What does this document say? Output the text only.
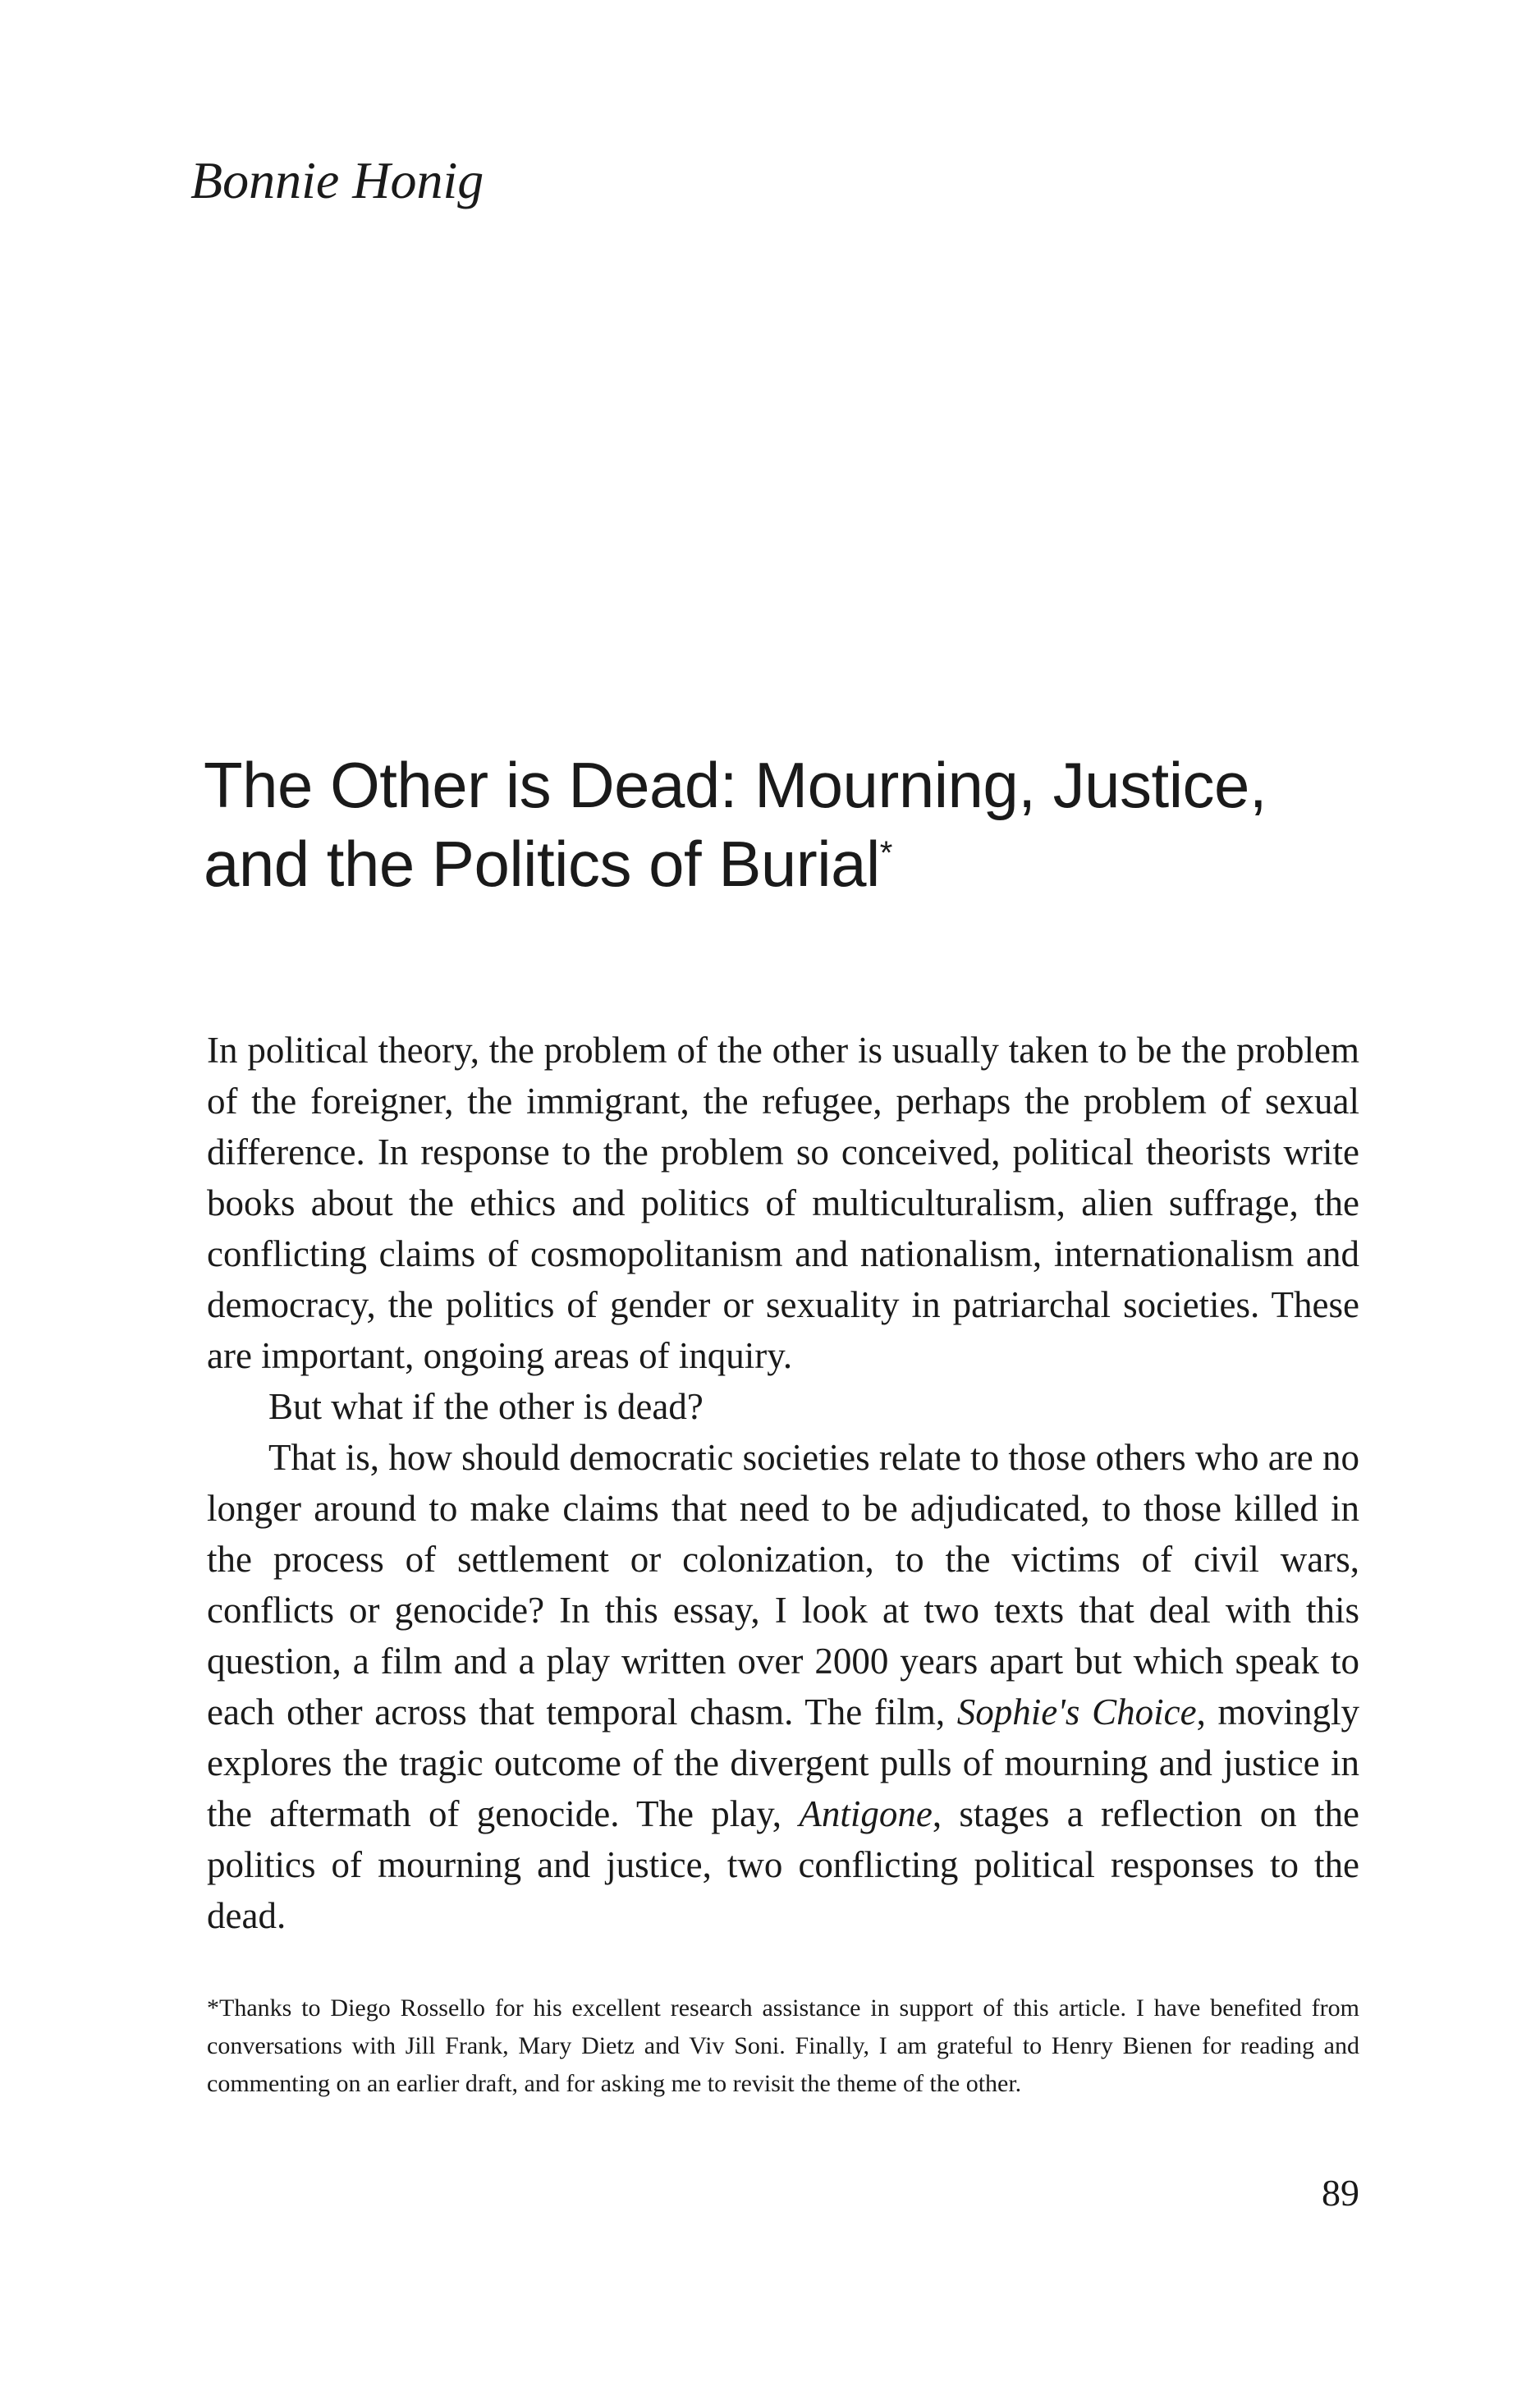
Bonnie Honig
The Other is Dead: Mourning, Justice, and the Politics of Burial*

In political theory, the problem of the other is usually taken to be the problem of the foreigner, the immigrant, the refugee, perhaps the problem of sexual difference. In response to the problem so conceived, political theorists write books about the ethics and politics of multiculturalism, alien suffrage, the conflicting claims of cosmopolitanism and nationalism, internationalism and democracy, the politics of gender or sexuality in patriarchal societies. These are important, ongoing areas of inquiry.

But what if the other is dead?

That is, how should democratic societies relate to those others who are no longer around to make claims that need to be adjudicated, to those killed in the process of settlement or colonization, to the victims of civil wars, conflicts or genocide? In this essay, I look at two texts that deal with this question, a film and a play written over 2000 years apart but which speak to each other across that temporal chasm. The film, Sophie's Choice, movingly explores the tragic outcome of the divergent pulls of mourning and justice in the aftermath of genocide. The play, Antigone, stages a reflection on the politics of mourning and justice, two conflicting political responses to the dead.

*Thanks to Diego Rossello for his excellent research assistance in support of this article. I have benefited from conversations with Jill Frank, Mary Dietz and Viv Soni. Finally, I am grateful to Henry Bienen for reading and commenting on an earlier draft, and for asking me to revisit the theme of the other.

89
